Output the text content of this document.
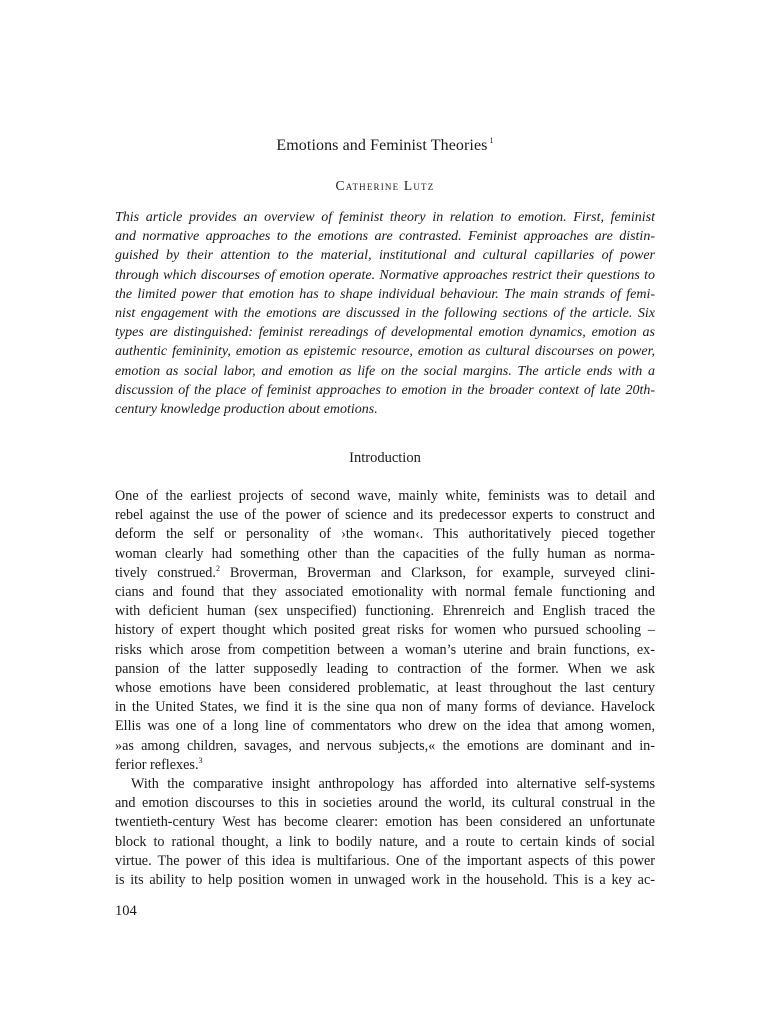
Emotions and Feminist Theories $^1$
Catherine Lutz

This article provides an overview of feminist theory in relation to emotion. First, feminist
and normative approaches to the emotions are contrasted. Feminist approaches are distin-
guished by their attention to the material, institutional and cultural capillaries of power
through which discourses of emotion operate. Normative approaches restrict their questions to
the limited power that emotion has to shape individual behaviour. The main strands of femi-
nist engagement with the emotions are discussed in the following sections of the article. Six
types are distinguished: feminist rereadings of developmental emotion dynamics, emotion as
authentic femininity, emotion as epistemic resource, emotion as cultural discourses on power,
emotion as social labor, and emotion as life on the social margins. The article ends with a
discussion of the place of feminist approaches to emotion in the broader context of late 20th-
century knowledge production about emotions.

Introduction
One of the earliest projects of second wave, mainly white, feminists was to detail and
rebel against the use of the power of science and its predecessor experts to construct and
deform the self or personality of ›the woman‹. This authoritatively pieced together
woman clearly had something other than the capacities of the fully human as norma-
tively construed.$^2$ Broverman, Broverman and Clarkson, for example, surveyed clini-
cians and found that they associated emotionality with normal female functioning and
with deficient human (sex unspecified) functioning. Ehrenreich and English traced the
history of expert thought which posited great risks for women who pursued schooling –
risks which arose from competition between a woman’s uterine and brain functions, ex-
pansion of the latter supposedly leading to contraction of the former. When we ask
whose emotions have been considered problematic, at least throughout the last century
in the United States, we find it is the sine qua non of many forms of deviance. Havelock
Ellis was one of a long line of commentators who drew on the idea that among women,
»as among children, savages, and nervous subjects,« the emotions are dominant and in-
ferior reflexes.$^3$
With the comparative insight anthropology has afforded into alternative self-systems
and emotion discourses to this in societies around the world, its cultural construal in the
twentieth-century West has become clearer: emotion has been considered an unfortunate
block to rational thought, a link to bodily nature, and a route to certain kinds of social
virtue. The power of this idea is multifarious. One of the important aspects of this power
is its ability to help position women in unwaged work in the household. This is a key ac-
104
